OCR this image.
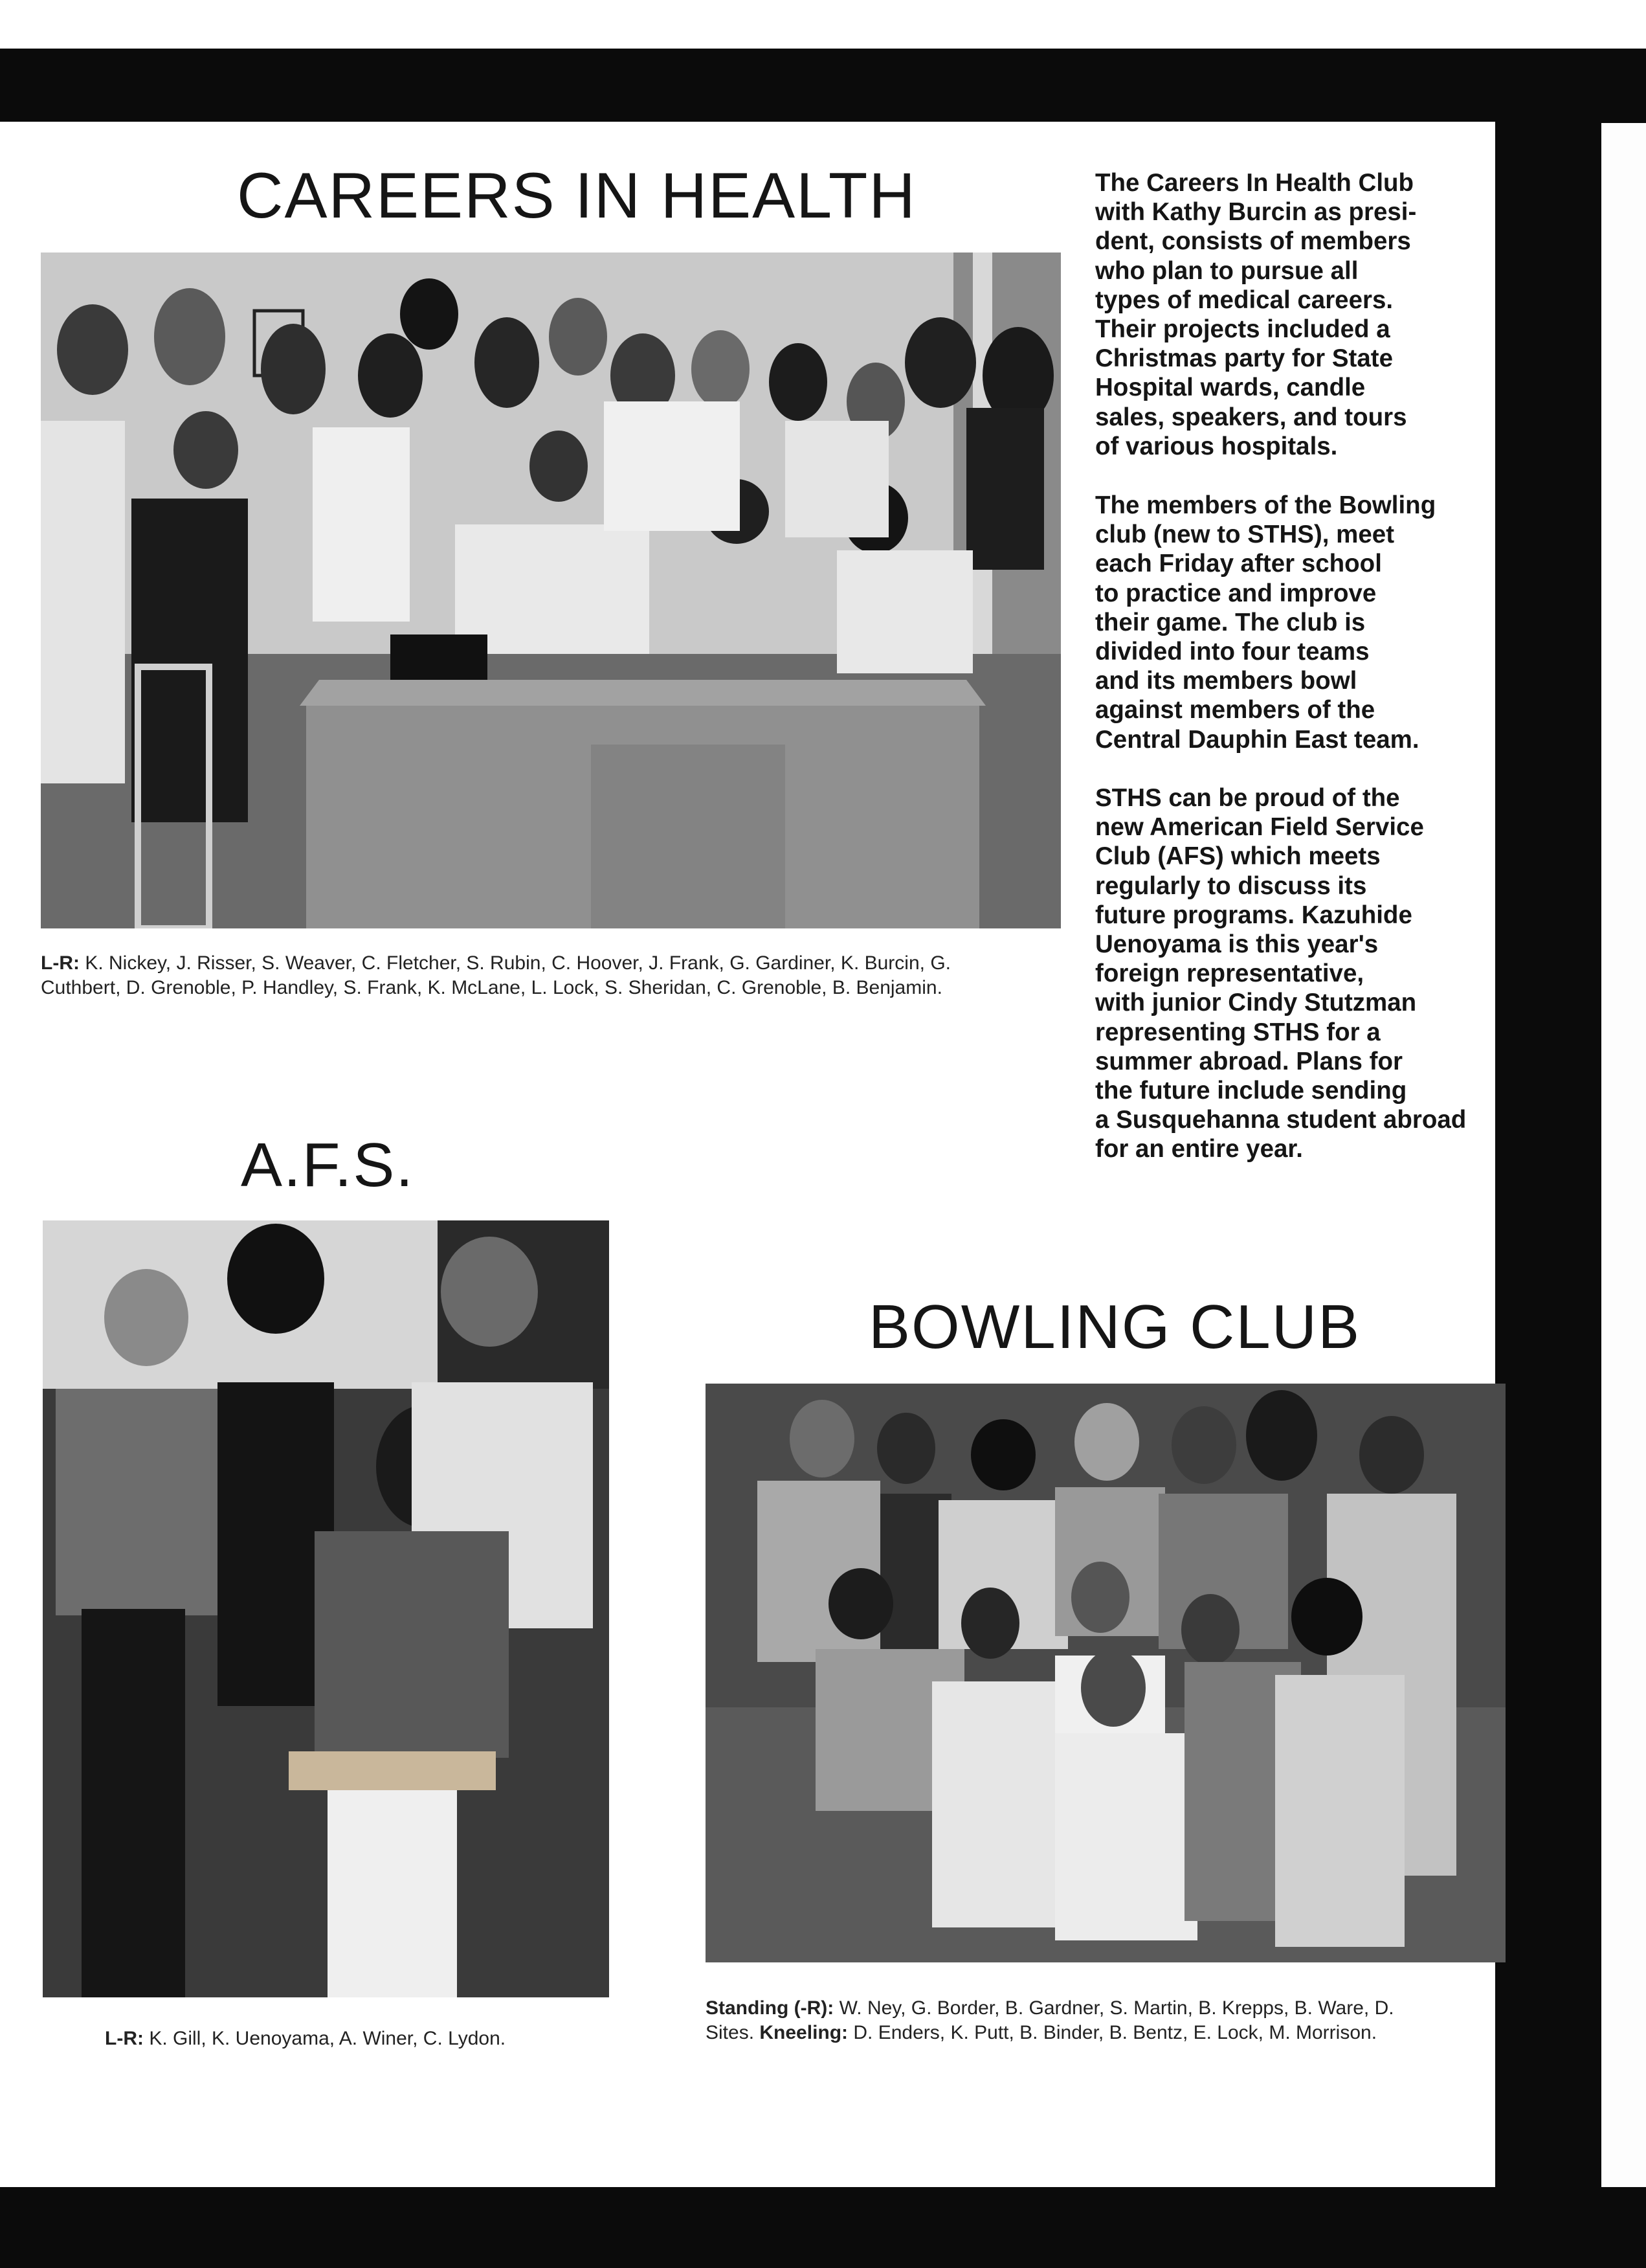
CAREERS IN HEALTH
L-R: K. Nickey, J. Risser, S. Weaver, C. Fletcher, S. Rubin, C. Hoover, J. Frank, G. Gardiner, K. Burcin, G.
Cuthbert, D. Grenoble, P. Handley, S. Frank, K. McLane, L. Lock, S. Sheridan, C. Grenoble, B. Benjamin.
The Careers In Health Club
with Kathy Burcin as presi-
dent, consists of members
who plan to pursue all
types of medical careers.
Their projects included a
Christmas party for State
Hospital wards, candle
sales, speakers, and tours
of various hospitals.
The members of the Bowling
club (new to STHS), meet
each Friday after school
to practice and improve
their game. The club is
divided into four teams
and its members bowl
against members of the
Central Dauphin East team.
STHS can be proud of the
new American Field Service
Club (AFS) which meets
regularly to discuss its
future programs. Kazuhide
Uenoyama is this year's
foreign representative,
with junior Cindy Stutzman
representing STHS for a
summer abroad. Plans for
the future include sending
a Susquehanna student abroad
for an entire year.
A.F.S.
L-R: K. Gill, K. Uenoyama, A. Winer, C. Lydon.
BOWLING CLUB
Standing (-R): W. Ney, G. Border, B. Gardner, S. Martin, B. Krepps, B. Ware, D.
Sites. Kneeling: D. Enders, K. Putt, B. Binder, B. Bentz, E. Lock, M. Morrison.
